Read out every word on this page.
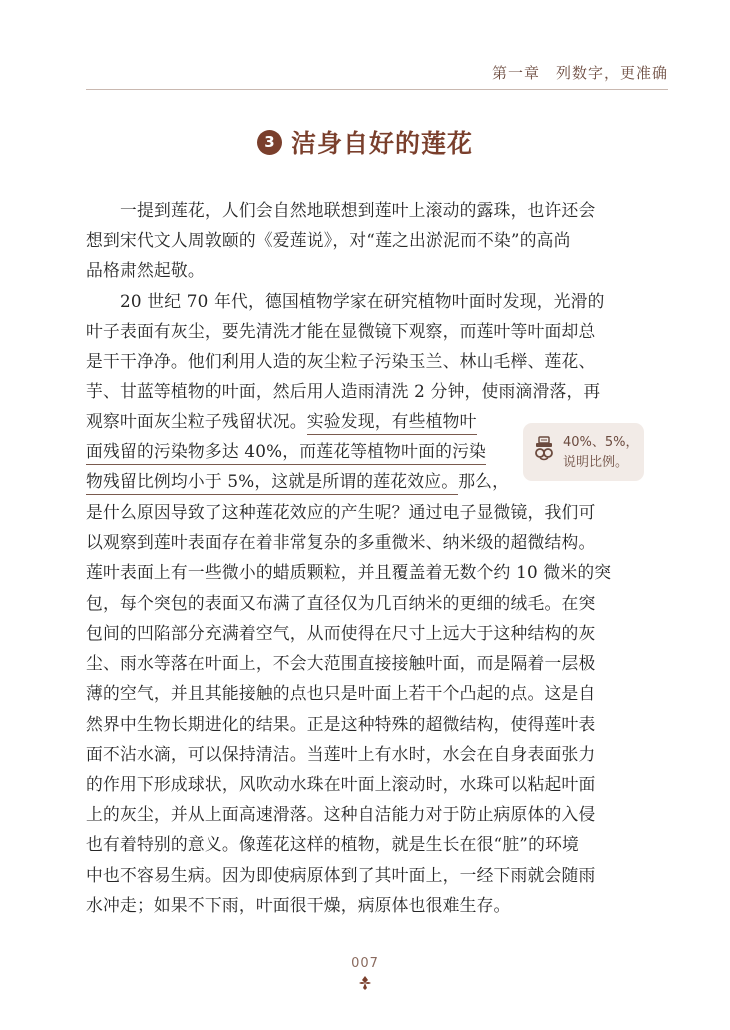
第一章 列数字，更准确
3 洁身自好的莲花
一提到莲花，人们会自然地联想到莲叶上滚动的露珠，也许还会
想到宋代文人周敦颐的《爱莲说》，对“莲之出淤泥而不染”的高尚
品格肃然起敬。
20 世纪 70 年代，德国植物学家在研究植物叶面时发现，光滑的
叶子表面有灰尘，要先清洗才能在显微镜下观察，而莲叶等叶面却总
是干干净净。他们利用人造的灰尘粒子污染玉兰、林山毛榉、莲花、
芋、甘蓝等植物的叶面，然后用人造雨清洗 2 分钟，使雨滴滑落，再
观察叶面灰尘粒子残留状况。实验发现，有些植物叶
面残留的污染物多达 40%，而莲花等植物叶面的污染
物残留比例均小于 5%，这就是所谓的莲花效应。那么，
是什么原因导致了这种莲花效应的产生呢？通过电子显微镜，我们可
以观察到莲叶表面存在着非常复杂的多重微米、纳米级的超微结构。
莲叶表面上有一些微小的蜡质颗粒，并且覆盖着无数个约 10 微米的突
包，每个突包的表面又布满了直径仅为几百纳米的更细的绒毛。在突
包间的凹陷部分充满着空气，从而使得在尺寸上远大于这种结构的灰
尘、雨水等落在叶面上，不会大范围直接接触叶面，而是隔着一层极
薄的空气，并且其能接触的点也只是叶面上若干个凸起的点。这是自
然界中生物长期进化的结果。正是这种特殊的超微结构，使得莲叶表
面不沾水滴，可以保持清洁。当莲叶上有水时，水会在自身表面张力
的作用下形成球状，风吹动水珠在叶面上滚动时，水珠可以粘起叶面
上的灰尘，并从上面高速滑落。这种自洁能力对于防止病原体的入侵
也有着特别的意义。像莲花这样的植物，就是生长在很“脏”的环境
中也不容易生病。因为即使病原体到了其叶面上，一经下雨就会随雨
水冲走；如果不下雨，叶面很干燥，病原体也很难生存。
40%、5%，
说明比例。
007
